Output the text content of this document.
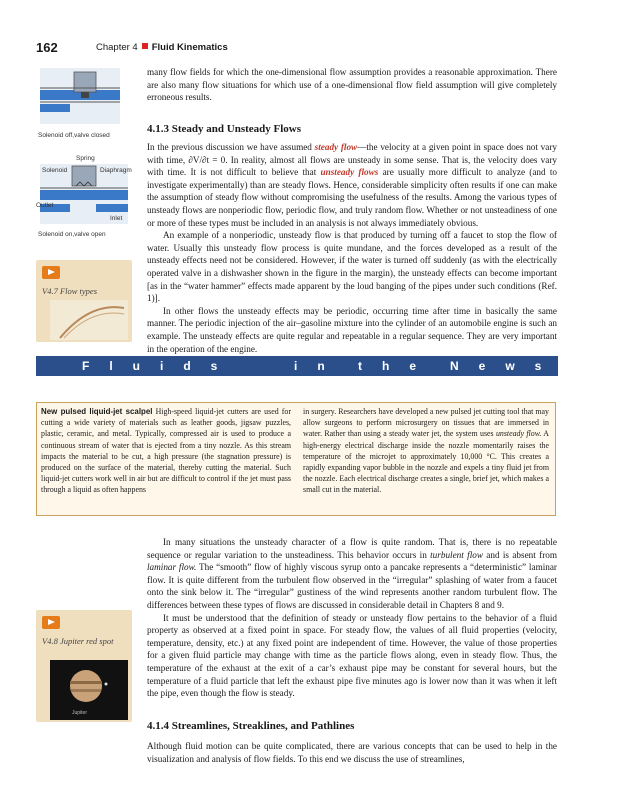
162	Chapter 4 Fluid Kinematics

many flow fields for which the one-dimensional flow assumption provides a reasonable approximation. There are also many flow situations for which use of a one-dimensional flow field assumption will give completely erroneous results.

4.1.3 Steady and Unsteady Flows

In the previous discussion we have assumed steady flow—the velocity at a given point in space does not vary with time, ∂V/∂t = 0. In reality, almost all flows are unsteady in some sense. That is, the velocity does vary with time. It is not difficult to believe that unsteady flows are usually more difficult to analyze (and to investigate experimentally) than are steady flows. Hence, considerable simplicity often results if one can make the assumption of steady flow without compromising the usefulness of the results. Among the various types of unsteady flows are nonperiodic flow, periodic flow, and truly random flow. Whether or not unsteadiness of one or more of these types must be included in an analysis is not always immediately obvious.

An example of a nonperiodic, unsteady flow is that produced by turning off a faucet to stop the flow of water. Usually this unsteady flow process is quite mundane, and the forces developed as a result of the unsteady effects need not be considered. However, if the water is turned off suddenly (as with the electrically operated valve in a dishwasher shown in the figure in the margin), the unsteady effects can become important [as in the “water hammer” effects made apparent by the loud banging of the pipes under such conditions (Ref. 1)].

In other flows the unsteady effects may be periodic, occurring time after time in basically the same manner. The periodic injection of the air–gasoline mixture into the cylinder of an automobile engine is such an example. The unsteady effects are quite regular and repeatable in a regular sequence. They are very important in the operation of the engine.

Solenoid off,valve closed
Spring
Solenoid	Diaphragm
Outlet
Inlet
Solenoid on,valve open
V4.7 Flow types
Fluids	in the News
New pulsed liquid-jet scalpel High-speed liquid-jet cutters are used for cutting a wide variety of materials such as leather goods, jigsaw puzzles, plastic, ceramic, and metal. Typically, compressed air is used to produce a continuous stream of water that is ejected from a tiny nozzle. As this stream impacts the material to be cut, a high pressure (the stagnation pressure) is produced on the surface of the material, thereby cutting the material. Such liquid-jet cutters work well in air but are difficult to control if the jet must pass through a liquid as often happens
in surgery. Researchers have developed a new pulsed jet cutting tool that may allow surgeons to perform microsurgery on tissues that are immersed in water. Rather than using a steady water jet, the system uses unsteady flow. A high-energy electrical discharge inside the nozzle momentarily raises the temperature of the microjet to approximately 10,000 °C. This creates a rapidly expanding vapor bubble in the nozzle and expels a tiny fluid jet from the nozzle. Each electrical discharge creates a single, brief jet, which makes a small cut in the material.

In many situations the unsteady character of a flow is quite random. That is, there is no repeatable sequence or regular variation to the unsteadiness. This behavior occurs in turbulent flow and is absent from laminar flow. The “smooth” flow of highly viscous syrup onto a pancake represents a “deterministic” laminar flow. It is quite different from the turbulent flow observed in the “irregular” splashing of water from a faucet onto the sink below it. The “irregular” gustiness of the wind represents another random turbulent flow. The differences between these types of flows are discussed in considerable detail in Chapters 8 and 9.

It must be understood that the definition of steady or unsteady flow pertains to the behavior of a fluid property as observed at a fixed point in space. For steady flow, the values of all fluid properties (velocity, temperature, density, etc.) at any fixed point are independent of time. However, the value of those properties for a given fluid particle may change with time as the particle flows along, even in steady flow. Thus, the temperature of the exhaust at the exit of a car’s exhaust pipe may be constant for several hours, but the temperature of a fluid particle that left the exhaust pipe five minutes ago is lower now than it was when it left the pipe, even though the flow is steady.

V4.8 Jupiter red spot
Jupiter
4.1.4 Streamlines, Streaklines, and Pathlines

Although fluid motion can be quite complicated, there are various concepts that can be used to help in the visualization and analysis of flow fields. To this end we discuss the use of streamlines,
